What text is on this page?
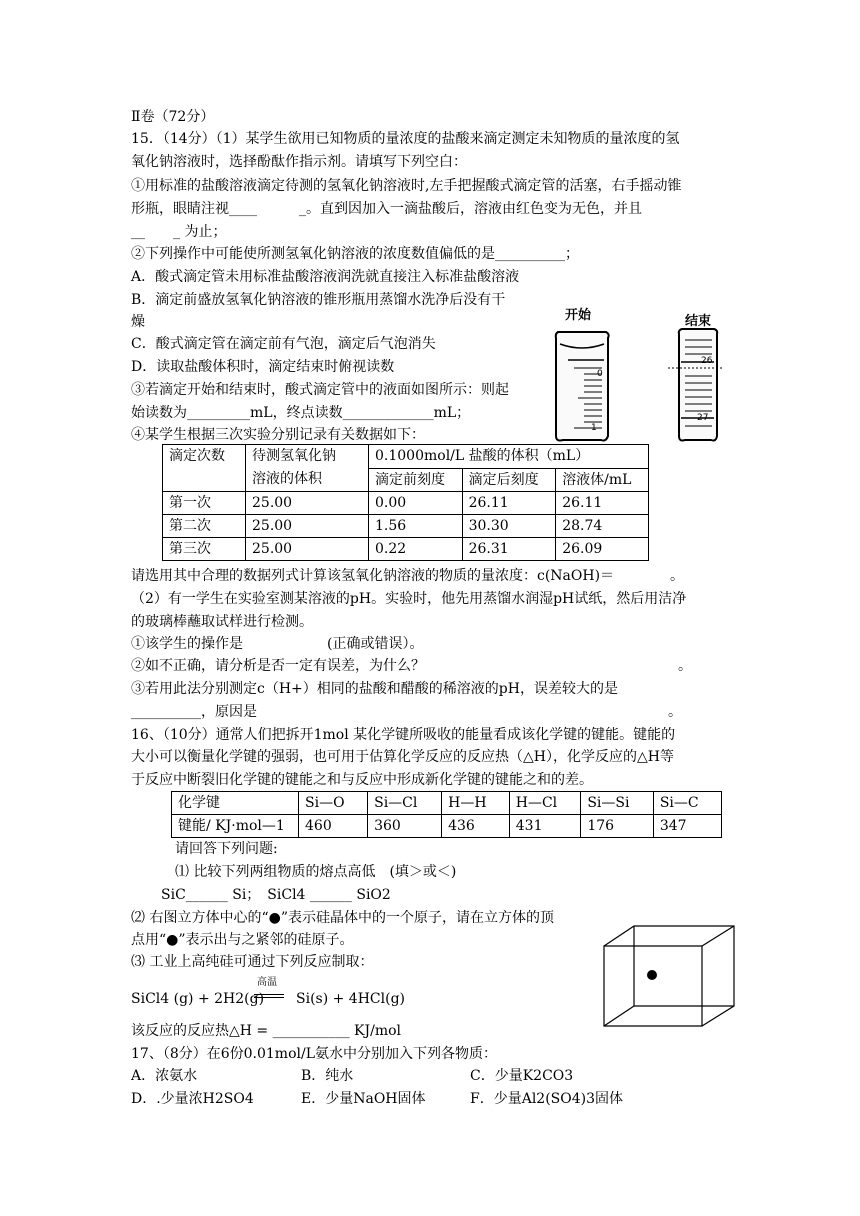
Ⅱ卷（72分）
15．（14分）（1）某学生欲用已知物质的量浓度的盐酸来滴定测定未知物质的量浓度的氢
氧化钠溶液时，选择酚酞作指示剂。请填写下列空白：
①用标准的盐酸溶液滴定待测的氢氧化钠溶液时,左手把握酸式滴定管的活塞，右手摇动锥
形瓶，眼睛注视____　　　_。直到因加入一滴盐酸后，溶液由红色变为无色，并且
__　　_ 为止；
②下列操作中可能使所测氢氧化钠溶液的浓度数值偏低的是__________；
A．酸式滴定管未用标准盐酸溶液润洗就直接注入标准盐酸溶液
B．滴定前盛放氢氧化钠溶液的锥形瓶用蒸馏水洗净后没有干
燥
C．酸式滴定管在滴定前有气泡，滴定后气泡消失
D．读取盐酸体积时，滴定结束时俯视读数
③若滴定开始和结束时，酸式滴定管中的液面如图所示：则起
始读数为_________mL，终点读数_____________mL；
④某学生根据三次实验分别记录有关数据如下：
开始	结束
0
1
26
27
滴定次数	待测氢氧化钠
溶液的体积	0.1000mol/L 盐酸的体积（mL）		
		滴定前刻度	滴定后刻度	溶液体/mL
第一次	25.00	0.00	26.11	26.11
第二次	25.00	1.56	30.30	28.74
第三次	25.00	0.22	26.31	26.09
请选用其中合理的数据列式计算该氢氧化钠溶液的物质的量浓度：c(NaOH)＝　　　　。
（2）有一学生在实验室测某溶液的pH。实验时，他先用蒸馏水润湿pH试纸，然后用洁净
的玻璃棒蘸取试样进行检测。
①该学生的操作是　　　　　　(正确或错误）。
②如不正确，请分析是否一定有误差，为什么？	。
③若用此法分别测定c（H+）相同的盐酸和醋酸的稀溶液的pH，误差较大的是
__________，原因是	。
16、（10分）通常人们把拆开1mol 某化学键所吸收的能量看成该化学键的键能。键能的
大小可以衡量化学键的强弱，也可用于估算化学反应的反应热（△H），化学反应的△H等
于反应中断裂旧化学键的键能之和与反应中形成新化学键的键能之和的差。
化学键	Si—O	Si—Cl	H—H	H—Cl	Si—Si	Si—C
键能/ KJ·mol—1	460	360	436	431	176	347
请回答下列问题:
⑴ 比较下列两组物质的熔点高低　(填＞或＜)
SiC______ Si；　SiCl4 ______ SiO2
⑵ 右图立方体中心的“●”表示硅晶体中的一个原子，请在立方体的顶
点用“●”表示出与之紧邻的硅原子。
⑶ 工业上高纯硅可通过下列反应制取：
SiCl4 (g) + 2H2(g)
高温
Si(s) + 4HCl(g)
该反应的反应热△H = ___________ KJ/mol
17、（8分）在6份0.01mol/L氨水中分别加入下列各物质：
A．浓氨水	B．纯水	C．少量K2CO3
D．.少量浓H2SO4	E．少量NaOH固体	F．少量Al2(SO4)3固体
